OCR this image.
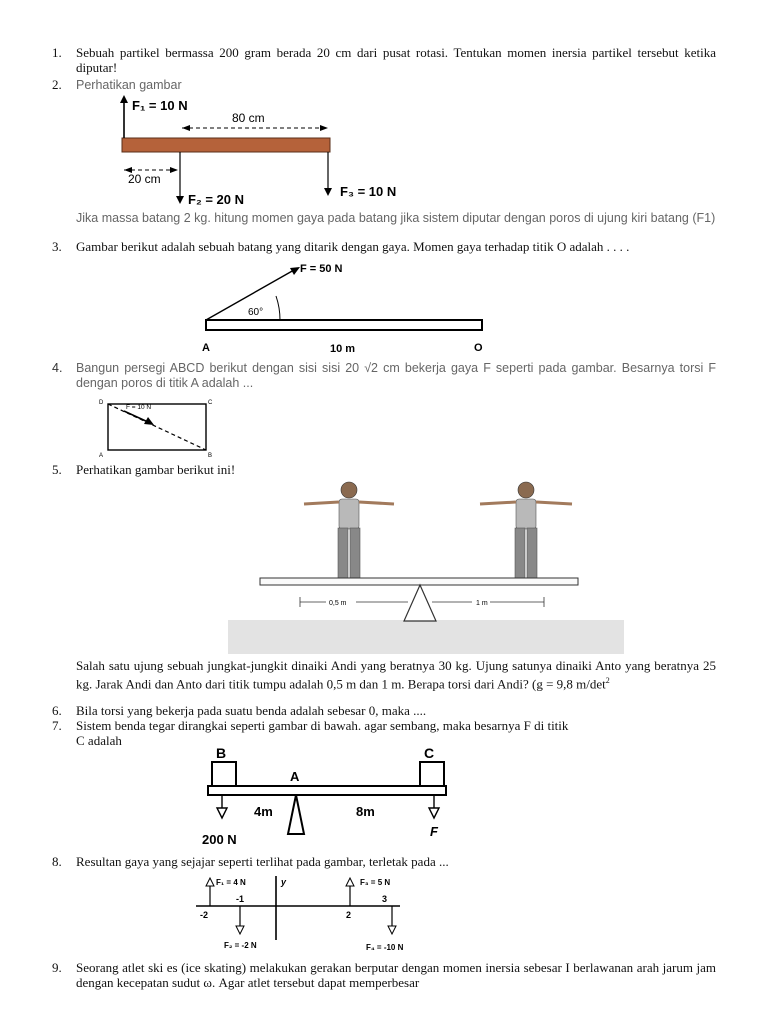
1.	Sebuah partikel bermassa 200 gram berada 20 cm dari pusat rotasi. Tentukan momen inersia partikel tersebut ketika diputar!
2.	Perhatikan gambar
F₁ = 10 N
80 cm
F₂ = 20 N
20 cm
F₃ = 10 N
Jika massa batang 2 kg. hitung momen gaya pada batang jika sistem diputar dengan poros di ujung kiri batang (F1)
3.	Gambar berikut adalah sebuah batang yang ditarik dengan gaya. Momen gaya terhadap titik O adalah . . . .
F = 50 N
60°
A	10 m	O
4.	Bangun persegi ABCD berikut dengan sisi sisi 20 √2 cm bekerja gaya F seperti pada gambar. Besarnya torsi F dengan poros di titik A adalah ...
F = 10 N
D	C
A	B
5.	Perhatikan gambar berikut ini!
0,5 m	1 m
Salah satu ujung sebuah jungkat-jungkit dinaiki Andi yang beratnya 30 kg. Ujung satunya dinaiki Anto yang beratnya 25 kg. Jarak Andi dan Anto dari titik tumpu adalah 0,5 m dan 1 m. Berapa torsi dari Andi? (g = 9,8 $m/\det^2$
6.	Bila torsi yang bekerja pada suatu benda adalah sebesar 0, maka ....
7.	Sistem benda tegar dirangkai seperti gambar di bawah. agar sembang, maka besarnya F di titik
C adalah
B	C
A
4m	8m
200 N
F
8.	Resultan gaya yang sejajar seperti terlihat pada gambar, terletak pada ...
y
F₁ = 4 N	F₃ = 5 N
F₂ = -2 N	F₄ = -10 N
-2
-1
2
3
9.	Seorang atlet ski es (ice skating) melakukan gerakan berputar dengan momen inersia sebesar I berlawanan arah jarum jam dengan kecepatan sudut ω. Agar atlet tersebut dapat memperbesar
